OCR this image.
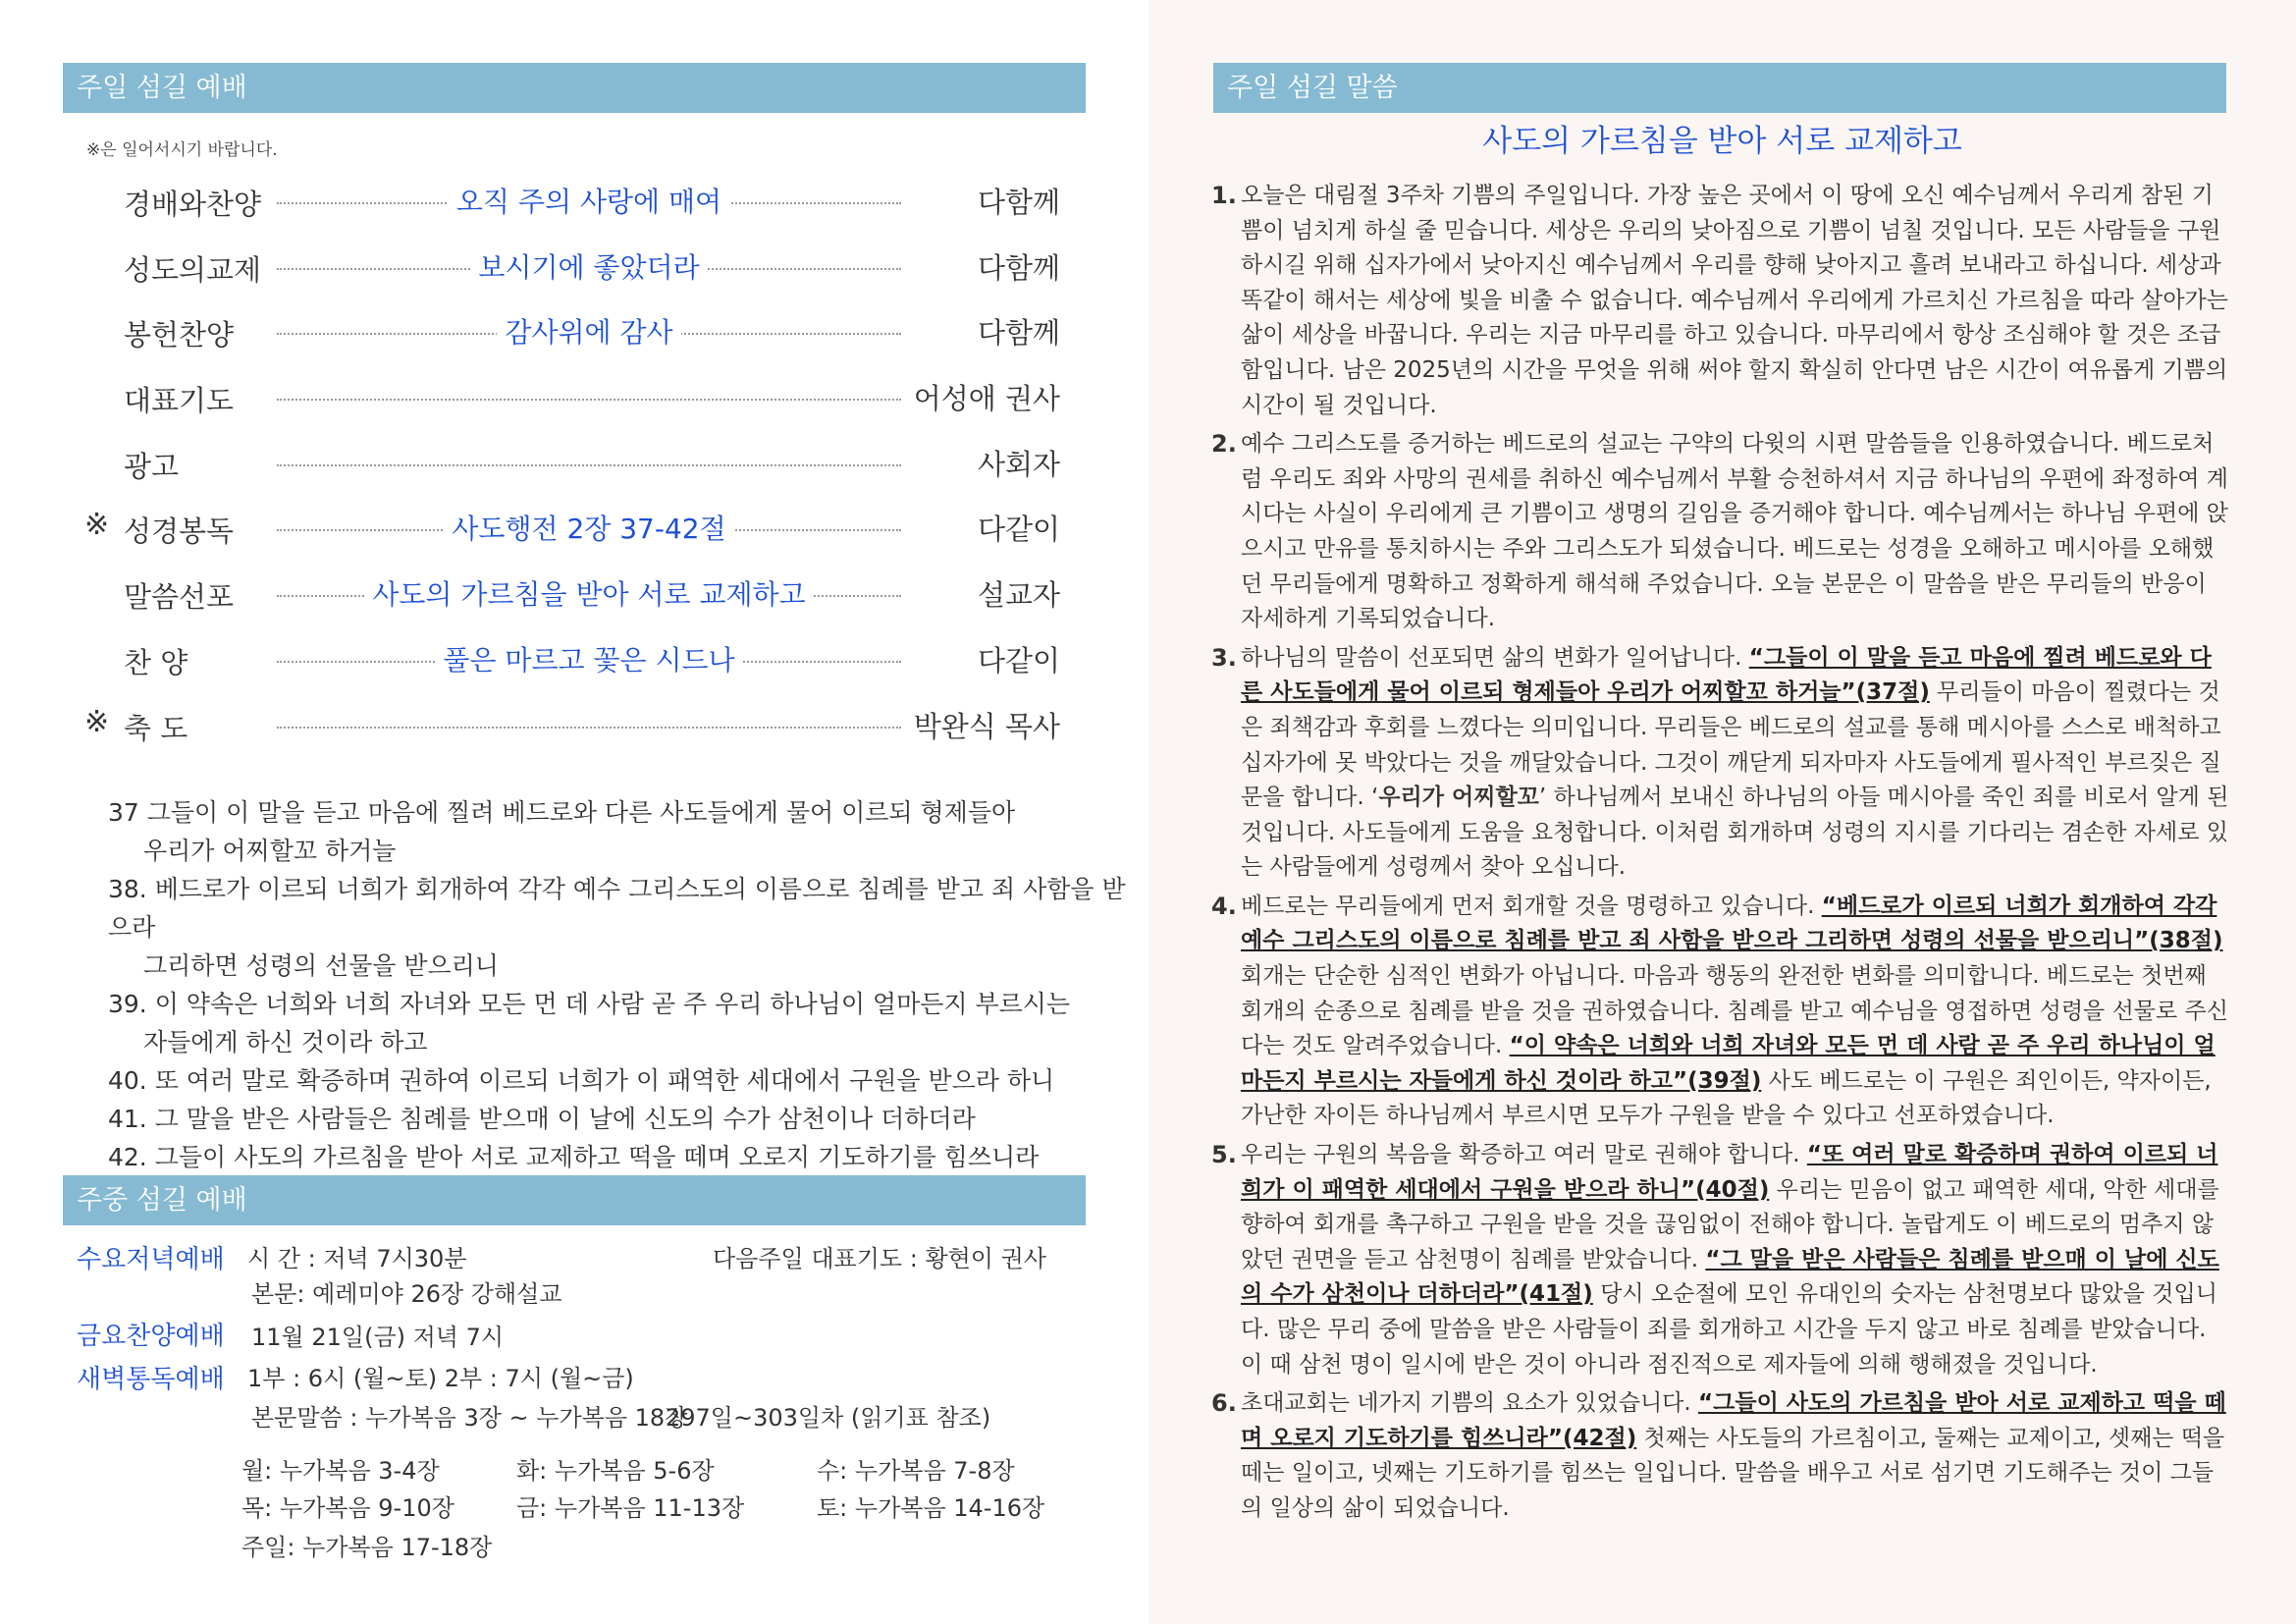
주일 섬길 예배
※은 일어서시기 바랍니다.
경배와찬양	오직 주의 사랑에 매여	다함께
성도의교제	보시기에 좋았더라	다함께
봉헌찬양	감사위에 감사	다함께
대표기도	어성애 권사
광고	사회자
※ 성경봉독	사도행전 2장 37-42절	다같이
말씀선포	사도의 가르침을 받아 서로 교제하고	설교자
찬 양	풀은 마르고 꽃은 시드나	다같이
※ 축 도	박완식 목사
37 그들이 이 말을 듣고 마음에 찔려 베드로와 다른 사도들에게 물어 이르되 형제들아
우리가 어찌할꼬 하거늘
38. 베드로가 이르되 너희가 회개하여 각각 예수 그리스도의 이름으로 침례를 받고 죄 사함을 받으라
그리하면 성령의 선물을 받으리니
39. 이 약속은 너희와 너희 자녀와 모든 먼 데 사람 곧 주 우리 하나님이 얼마든지 부르시는
자들에게 하신 것이라 하고
40. 또 여러 말로 확증하며 권하여 이르되 너희가 이 패역한 세대에서 구원을 받으라 하니
41. 그 말을 받은 사람들은 침례를 받으매 이 날에 신도의 수가 삼천이나 더하더라
42. 그들이 사도의 가르침을 받아 서로 교제하고 떡을 떼며 오로지 기도하기를 힘쓰니라
주중 섬길 예배
수요저녁예배 시 간 : 저녁 7시30분	다음주일 대표기도 : 황현이 권사
본문: 예레미야 26장 강해설교
금요찬양예배 11월 21일(금) 저녁 7시
새벽통독예배 1부 : 6시 (월~토) 2부 : 7시 (월~금)
본문말씀 : 누가복음 3장 ~ 누가복음 18장
297일~303일차 (읽기표 참조)
월: 누가복음 3-4장	화: 누가복음 5-6장	수: 누가복음 7-8장
목: 누가복음 9-10장	금: 누가복음 11-13장	토: 누가복음 14-16장
주일: 누가복음 17-18장
주일 섬길 말씀
사도의 가르침을 받아 서로 교제하고
1. 오늘은 대림절 3주차 기쁨의 주일입니다. 가장 높은 곳에서 이 땅에 오신 예수님께서 우리게 참된 기쁨이 넘치게 하실 줄 믿습니다. 세상은 우리의 낮아짐으로 기쁨이 넘칠 것입니다. 모든 사람들을 구원하시길 위해 십자가에서 낮아지신 예수님께서 우리를 향해 낮아지고 흘려 보내라고 하십니다. 세상과 똑같이 해서는 세상에 빛을 비출 수 없습니다. 예수님께서 우리에게 가르치신 가르침을 따라 살아가는 삶이 세상을 바꿉니다. 우리는 지금 마무리를 하고 있습니다. 마무리에서 항상 조심해야 할 것은 조급함입니다. 남은 2025년의 시간을 무엇을 위해 써야 할지 확실히 안다면 남은 시간이 여유롭게 기쁨의 시간이 될 것입니다.
2. 예수 그리스도를 증거하는 베드로의 설교는 구약의 다윗의 시편 말씀들을 인용하였습니다. 베드로처럼 우리도 죄와 사망의 권세를 취하신 예수님께서 부활 승천하셔서 지금 하나님의 우편에 좌정하여 계시다는 사실이 우리에게 큰 기쁨이고 생명의 길임을 증거해야 합니다. 예수님께서는 하나님 우편에 앉으시고 만유를 통치하시는 주와 그리스도가 되셨습니다. 베드로는 성경을 오해하고 메시아를 오해했던 무리들에게 명확하고 정확하게 해석해 주었습니다. 오늘 본문은 이 말씀을 받은 무리들의 반응이 자세하게 기록되었습니다.
3. 하나님의 말씀이 선포되면 삶의 변화가 일어납니다. “그들이 이 말을 듣고 마음에 찔려 베드로와 다른 사도들에게 물어 이르되 형제들아 우리가 어찌할꼬 하거늘”(37절) 무리들이 마음이 찔렸다는 것은 죄책감과 후회를 느꼈다는 의미입니다. 무리들은 베드로의 설교를 통해 메시아를 스스로 배척하고 십자가에 못 박았다는 것을 깨달았습니다. 그것이 깨닫게 되자마자 사도들에게 필사적인 부르짖은 질문을 합니다. ‘우리가 어찌할꼬’ 하나님께서 보내신 하나님의 아들 메시아를 죽인 죄를 비로서 알게 된 것입니다. 사도들에게 도움을 요청합니다. 이처럼 회개하며 성령의 지시를 기다리는 겸손한 자세로 있는 사람들에게 성령께서 찾아 오십니다.
4. 베드로는 무리들에게 먼저 회개할 것을 명령하고 있습니다. “베드로가 이르되 너희가 회개하여 각각 예수 그리스도의 이름으로 침례를 받고 죄 사함을 받으라 그리하면 성령의 선물을 받으리니”(38절) 회개는 단순한 심적인 변화가 아닙니다. 마음과 행동의 완전한 변화를 의미합니다. 베드로는 첫번째 회개의 순종으로 침례를 받을 것을 권하였습니다. 침례를 받고 예수님을 영접하면 성령을 선물로 주신다는 것도 알려주었습니다. “이 약속은 너희와 너희 자녀와 모든 먼 데 사람 곧 주 우리 하나님이 얼마든지 부르시는 자들에게 하신 것이라 하고”(39절) 사도 베드로는 이 구원은 죄인이든, 약자이든, 가난한 자이든 하나님께서 부르시면 모두가 구원을 받을 수 있다고 선포하였습니다.
5. 우리는 구원의 복음을 확증하고 여러 말로 권해야 합니다. “또 여러 말로 확증하며 권하여 이르되 너희가 이 패역한 세대에서 구원을 받으라 하니”(40절) 우리는 믿음이 없고 패역한 세대, 악한 세대를 향하여 회개를 촉구하고 구원을 받을 것을 끊임없이 전해야 합니다. 놀랍게도 이 베드로의 멈추지 않았던 권면을 듣고 삼천명이 침례를 받았습니다. “그 말을 받은 사람들은 침례를 받으매 이 날에 신도의 수가 삼천이나 더하더라”(41절) 당시 오순절에 모인 유대인의 숫자는 삼천명보다 많았을 것입니다. 많은 무리 중에 말씀을 받은 사람들이 죄를 회개하고 시간을 두지 않고 바로 침례를 받았습니다. 이 때 삼천 명이 일시에 받은 것이 아니라 점진적으로 제자들에 의해 행해졌을 것입니다.
6. 초대교회는 네가지 기쁨의 요소가 있었습니다. “그들이 사도의 가르침을 받아 서로 교제하고 떡을 떼며 오로지 기도하기를 힘쓰니라”(42절) 첫째는 사도들의 가르침이고, 둘째는 교제이고, 셋째는 떡을 떼는 일이고, 넷째는 기도하기를 힘쓰는 일입니다. 말씀을 배우고 서로 섬기면 기도해주는 것이 그들의 일상의 삶이 되었습니다.
